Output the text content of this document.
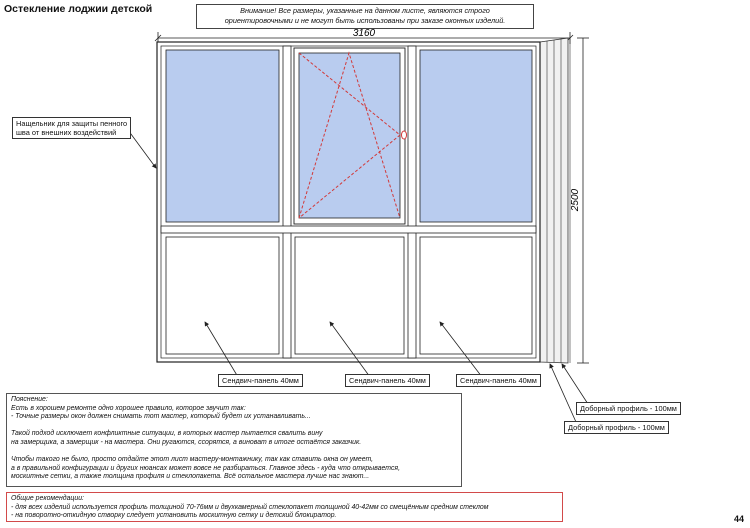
Остекление лоджии детской	Внимание! Все размеры, указанные на данном листе, являются строго
ориентировочными и не могут быть использованы при заказе оконных изделий.
3160
2500
Нащельник для защиты пенного
шва от внешних воздействий
Сендвич-панель 40мм	Сендвич-панель 40мм	Сендвич-панель 40мм
Доборный профиль - 100мм
Доборный профиль - 100мм
Пояснение:
Есть в хорошем ремонте одно хорошее правило, которое звучит так:
- Точные размеры окон должен снимать тот мастер, который будет их устанавливать...
Такой подход исключает конфликтные ситуации, в которых мастер пытается свалить вину
на замерщика, а замерщик - на мастера. Они ругаются, ссорятся, а виноват в итоге остаётся заказчик.
Чтобы такого не было, просто отдайте этот лист мастеру-монтажнику, так как ставить окна он умеет,
а в правильной конфигурации и других нюансах может вовсе не разбираться. Главное здесь - куда что открывается,
москитные сетки, а также толщина профиля и стеклопакета. Всё остальное мастера лучше нас знают...
Общие рекомендации:
- для всех изделий используется профиль толщиной 70-76мм и двухкамерный стеклопакет толщиной 40-42мм со смещённым средним стеклом
- на поворотно-откидную створку следует установить москитную сетку и детский блокиратор.	44
